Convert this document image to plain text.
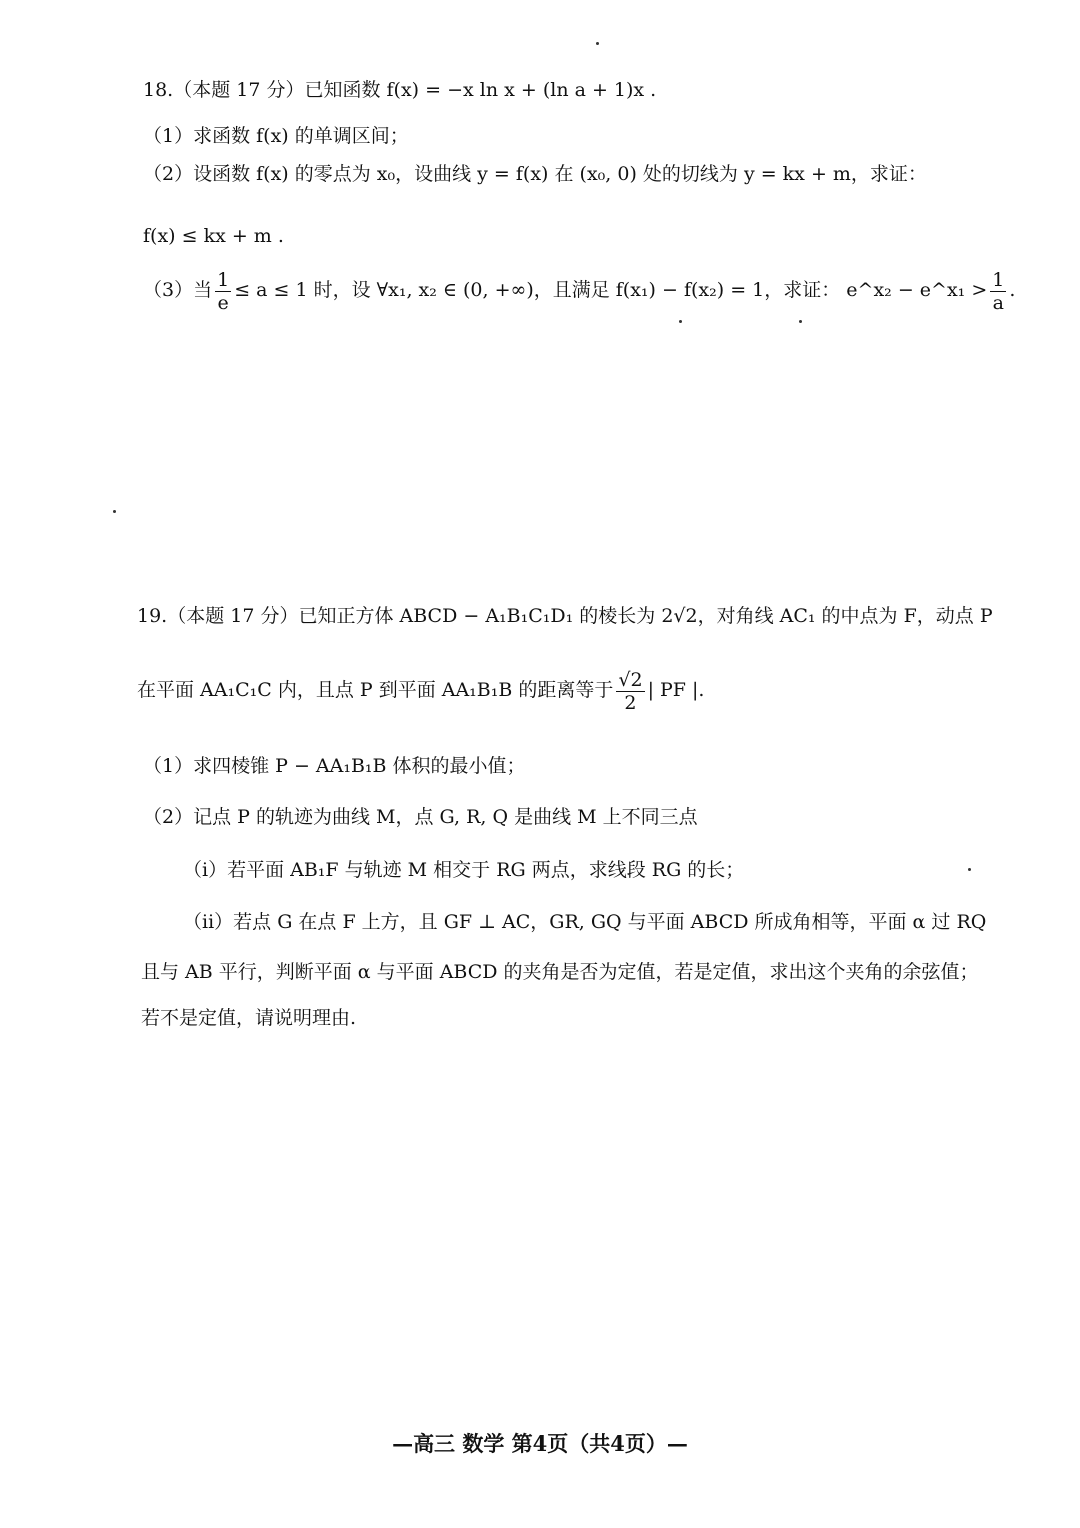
18.（本题 17 分）已知函数 f(x) = −x ln x + (ln a + 1)x .
（1）求函数 f(x) 的单调区间；
（2）设函数 f(x) 的零点为 x₀，设曲线 y = f(x) 在 (x₀, 0) 处的切线为 y = kx + m，求证：
f(x) ≤ kx + m .
（3）当 $\frac{1}{e} \le a \le 1$ 时，设 ∀x₁, x₂ ∈ (0, +∞)，且满足 f(x₁) − f(x₂) = 1，求证： e^x₂ − e^x₁ > $\frac{1}{a}$ .
19.（本题 17 分）已知正方体 ABCD − A₁B₁C₁D₁ 的棱长为 2√2，对角线 AC₁ 的中点为 F，动点 P
在平面 AA₁C₁C 内，且点 P 到平面 AA₁B₁B 的距离等于 $\frac{√2}{2}$ | PF |.
（1）求四棱锥 P − AA₁B₁B 体积的最小值；
（2）记点 P 的轨迹为曲线 M，点 G, R, Q 是曲线 M 上不同三点
（ⅰ）若平面 AB₁F 与轨迹 M 相交于 RG 两点，求线段 RG 的长；
（ⅱ）若点 G 在点 F 上方，且 GF ⊥ AC，GR, GQ 与平面 ABCD 所成角相等，平面 α 过 RQ
且与 AB 平行，判断平面 α 与平面 ABCD 的夹角是否为定值，若是定值，求出这个夹角的余弦值；
若不是定值，请说明理由.
—高三 数学 第4页（共4页）—
